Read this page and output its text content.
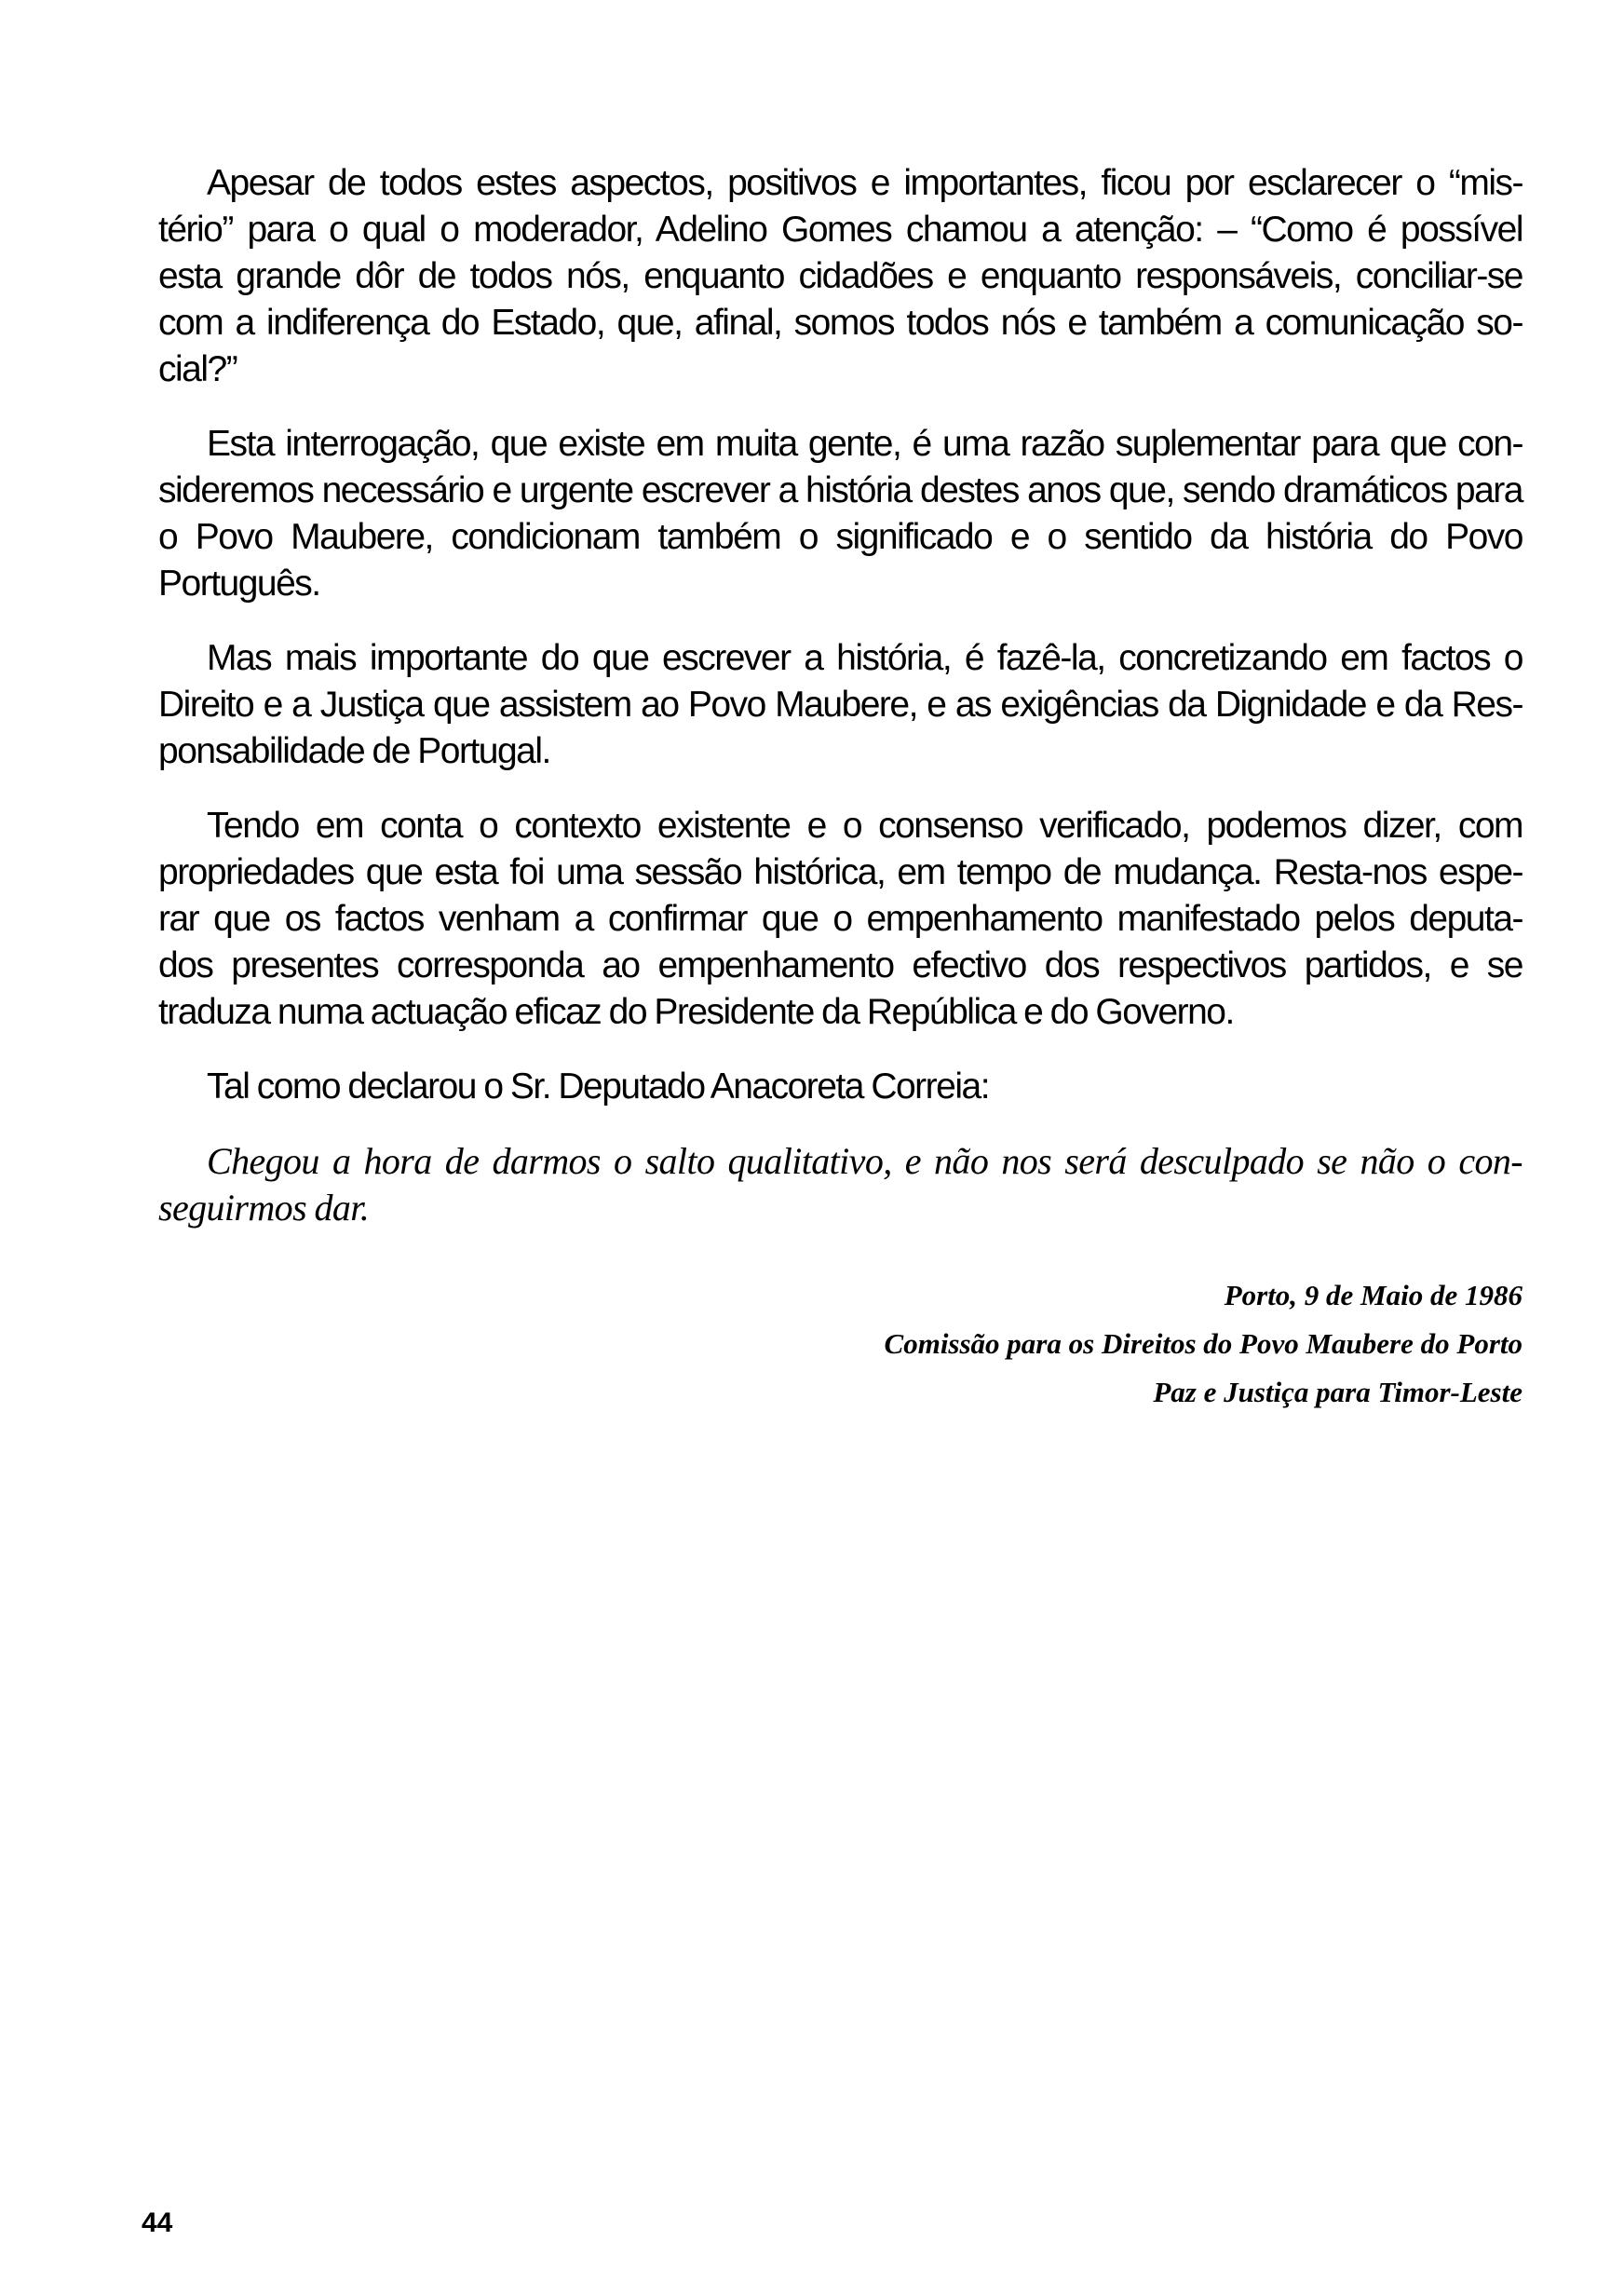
Apesar de todos estes aspectos, positivos e importantes, ficou por esclarecer o “mis-
tério” para o qual o moderador, Adelino Gomes chamou a atenção: – “Como é possível
esta grande dôr de todos nós, enquanto cidadões e enquanto responsáveis, conciliar-se
com a indiferença do Estado, que, afinal, somos todos nós e também a comunicação so-
cial?”
Esta interrogação, que existe em muita gente, é uma razão suplementar para que con-
sideremos necessário e urgente escrever a história destes anos que, sendo dramáticos para
o Povo Maubere, condicionam também o significado e o sentido da história do Povo
Português.
Mas mais importante do que escrever a história, é fazê-la, concretizando em factos o
Direito e a Justiça que assistem ao Povo Maubere, e as exigências da Dignidade e da Res-
ponsabilidade de Portugal.
Tendo em conta o contexto existente e o consenso verificado, podemos dizer, com
propriedades que esta foi uma sessão histórica, em tempo de mudança. Resta-nos espe-
rar que os factos venham a confirmar que o empenhamento manifestado pelos deputa-
dos presentes corresponda ao empenhamento efectivo dos respectivos partidos, e se
traduza numa actuação eficaz do Presidente da República e do Governo.
Tal como declarou o Sr. Deputado Anacoreta Correia:
Chegou a hora de darmos o salto qualitativo, e não nos será desculpado se não o con-
seguirmos dar.
Porto, 9 de Maio de 1986
Comissão para os Direitos do Povo Maubere do Porto
Paz e Justiça para Timor-Leste
44
